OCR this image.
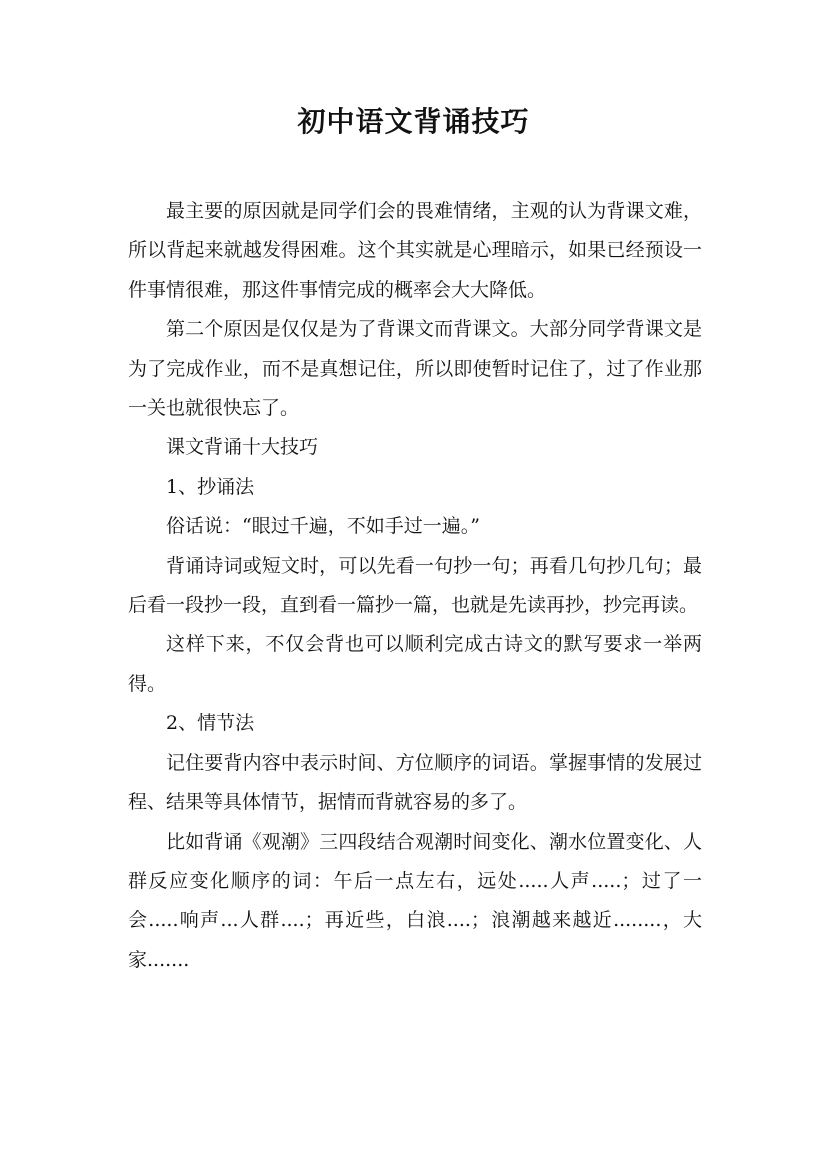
初中语文背诵技巧

最主要的原因就是同学们会的畏难情绪，主观的认为背课文难，所以背起来就越发得困难。这个其实就是心理暗示，如果已经预设一件事情很难，那这件事情完成的概率会大大降低。

第二个原因是仅仅是为了背课文而背课文。大部分同学背课文是为了完成作业，而不是真想记住，所以即使暂时记住了，过了作业那一关也就很快忘了。

课文背诵十大技巧

1、抄诵法

俗话说：“眼过千遍，不如手过一遍。”

背诵诗词或短文时，可以先看一句抄一句；再看几句抄几句；最后看一段抄一段，直到看一篇抄一篇，也就是先读再抄，抄完再读。

这样下来，不仅会背也可以顺利完成古诗文的默写要求一举两得。

2、情节法

记住要背内容中表示时间、方位顺序的词语。掌握事情的发展过程、结果等具体情节，据情而背就容易的多了。

比如背诵《观潮》三四段结合观潮时间变化、潮水位置变化、人群反应变化顺序的词：午后一点左右，远处.....人声.....；过了一会.....响声...人群....；再近些，白浪....；浪潮越来越近........，大家.......
